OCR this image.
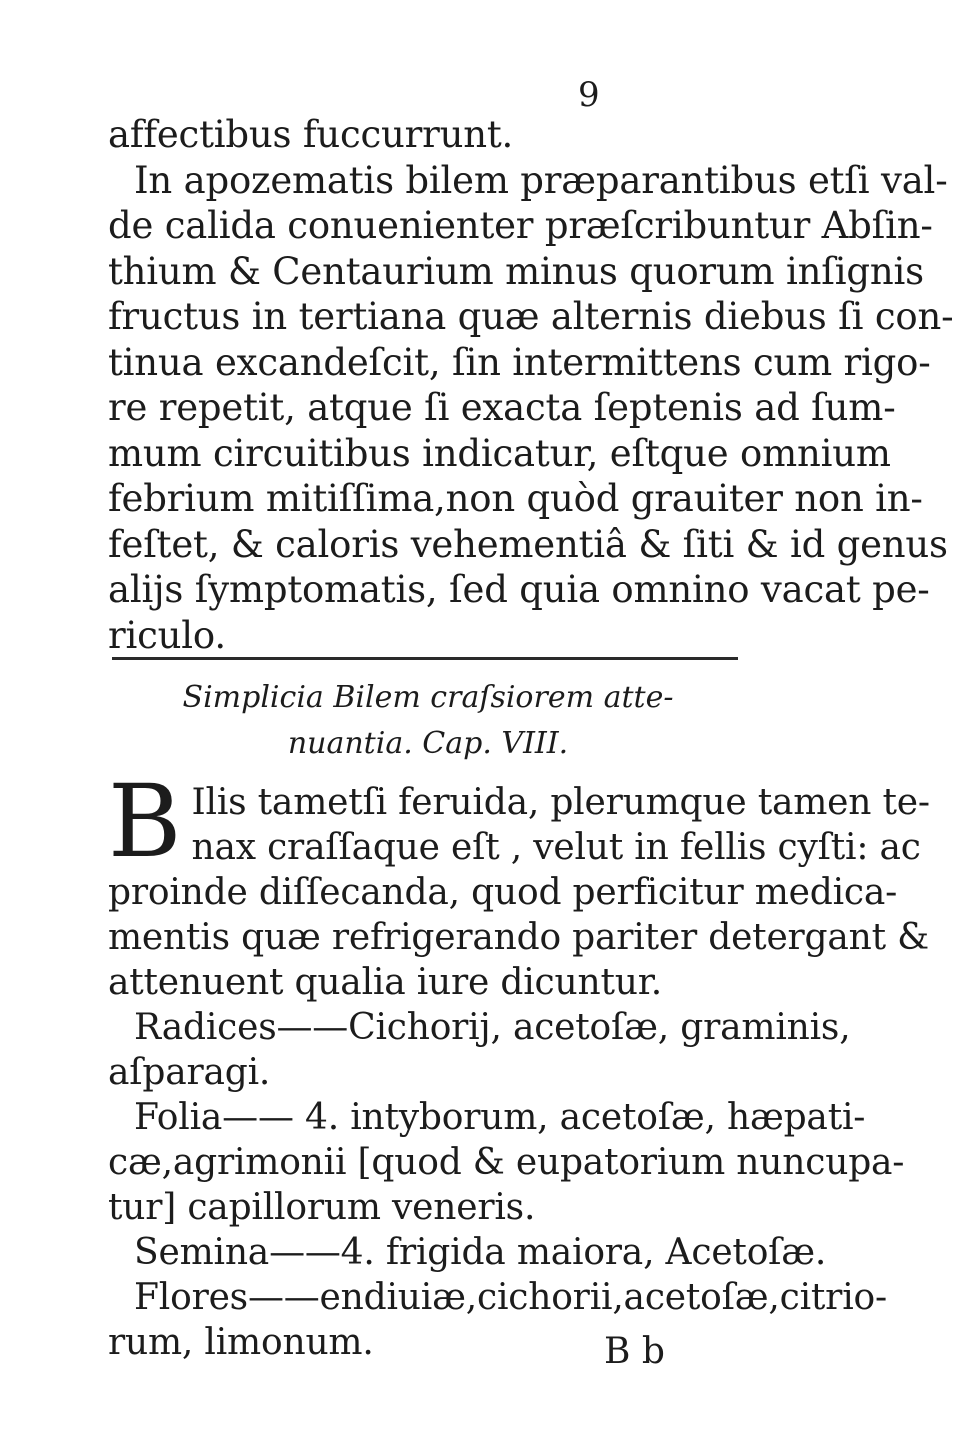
9
affectibus fuccurrunt.
In apozematis bilem præparantibus etſi val-
de calida conuenienter præſcribuntur Abſin-
thium & Centaurium minus quorum inſignis
fructus in tertiana quæ alternis diebus ſi con-
tinua excandeſcit, ſin intermittens cum rigo-
re repetit, atque ſi exacta ſeptenis ad ſum-
mum circuitibus indicatur, eſtque omnium
febrium mitiſſima,non quòd grauiter non in-
feſtet, & caloris vehementiâ & ſiti & id genus
alijs ſymptomatis, ſed quia omnino vacat pe-
riculo.
Simplicia Bilem craſsiorem atte-
nuantia. Cap. VIII.
B Ilis tametſi feruida, plerumque tamen te-
nax craſſaque eſt , velut in fellis cyſti: ac
proinde diſſecanda, quod perficitur medica-
mentis quæ refrigerando pariter detergant &
attenuent qualia iure dicuntur.
Radices——Cichorij, acetoſæ, graminis,
aſparagi.
Folia—— 4. intyborum, acetoſæ, hæpati-
cæ,agrimonii [quod & eupatorium nuncupa-
tur] capillorum veneris.
Semina——4. frigida maiora, Acetoſæ.
Flores——endiuiæ,cichorii,acetoſæ,citrio-
rum, limonum.	B b
